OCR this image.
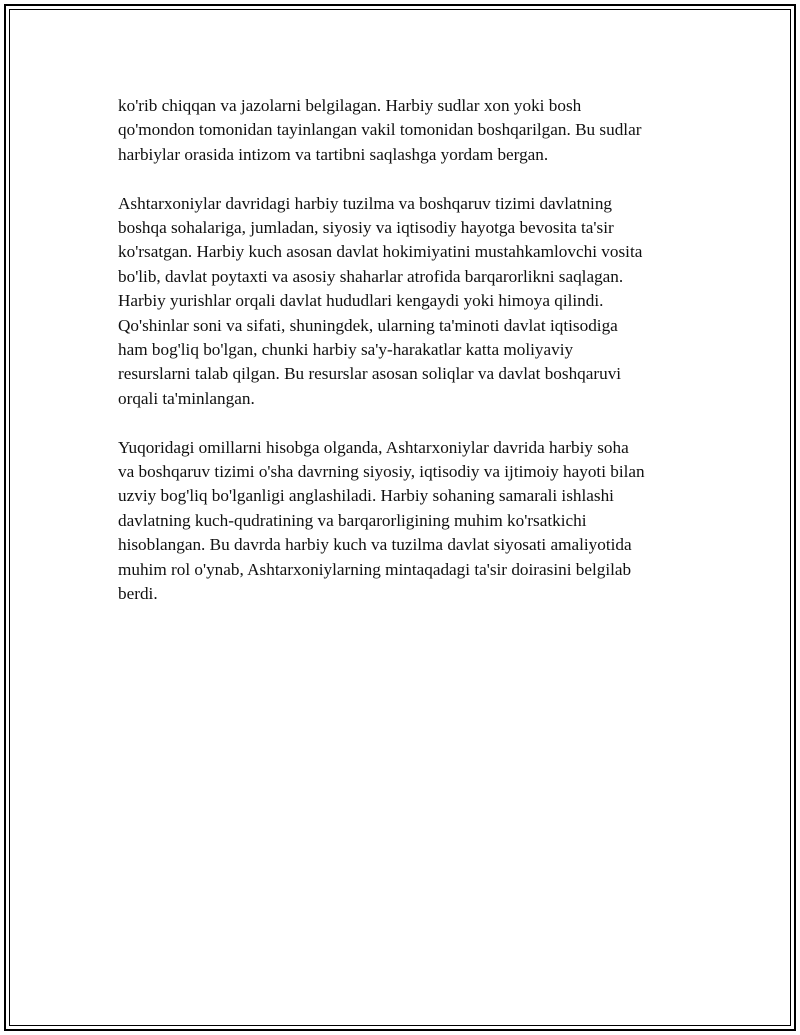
ko'rib chiqqan va jazolarni belgilagan. Harbiy sudlar xon yoki bosh
qo'mondon tomonidan tayinlangan vakil tomonidan boshqarilgan. Bu sudlar
harbiylar orasida intizom va tartibni saqlashga yordam bergan.

Ashtarxoniylar davridagi harbiy tuzilma va boshqaruv tizimi davlatning
boshqa sohalariga, jumladan, siyosiy va iqtisodiy hayotga bevosita ta'sir
ko'rsatgan. Harbiy kuch asosan davlat hokimiyatini mustahkamlovchi vosita
bo'lib, davlat poytaxti va asosiy shaharlar atrofida barqarorlikni saqlagan.
Harbiy yurishlar orqali davlat hududlari kengaydi yoki himoya qilindi.
Qo'shinlar soni va sifati, shuningdek, ularning ta'minoti davlat iqtisodiga
ham bog'liq bo'lgan, chunki harbiy sa'y-harakatlar katta moliyaviy
resurslarni talab qilgan. Bu resurslar asosan soliqlar va davlat boshqaruvi
orqali ta'minlangan.

Yuqoridagi omillarni hisobga olganda, Ashtarxoniylar davrida harbiy soha
va boshqaruv tizimi o'sha davrning siyosiy, iqtisodiy va ijtimoiy hayoti bilan
uzviy bog'liq bo'lganligi anglashiladi. Harbiy sohaning samarali ishlashi
davlatning kuch-qudratining va barqarorligining muhim ko'rsatkichi
hisoblangan. Bu davrda harbiy kuch va tuzilma davlat siyosati amaliyotida
muhim rol o'ynab, Ashtarxoniylarning mintaqadagi ta'sir doirasini belgilab
berdi.
